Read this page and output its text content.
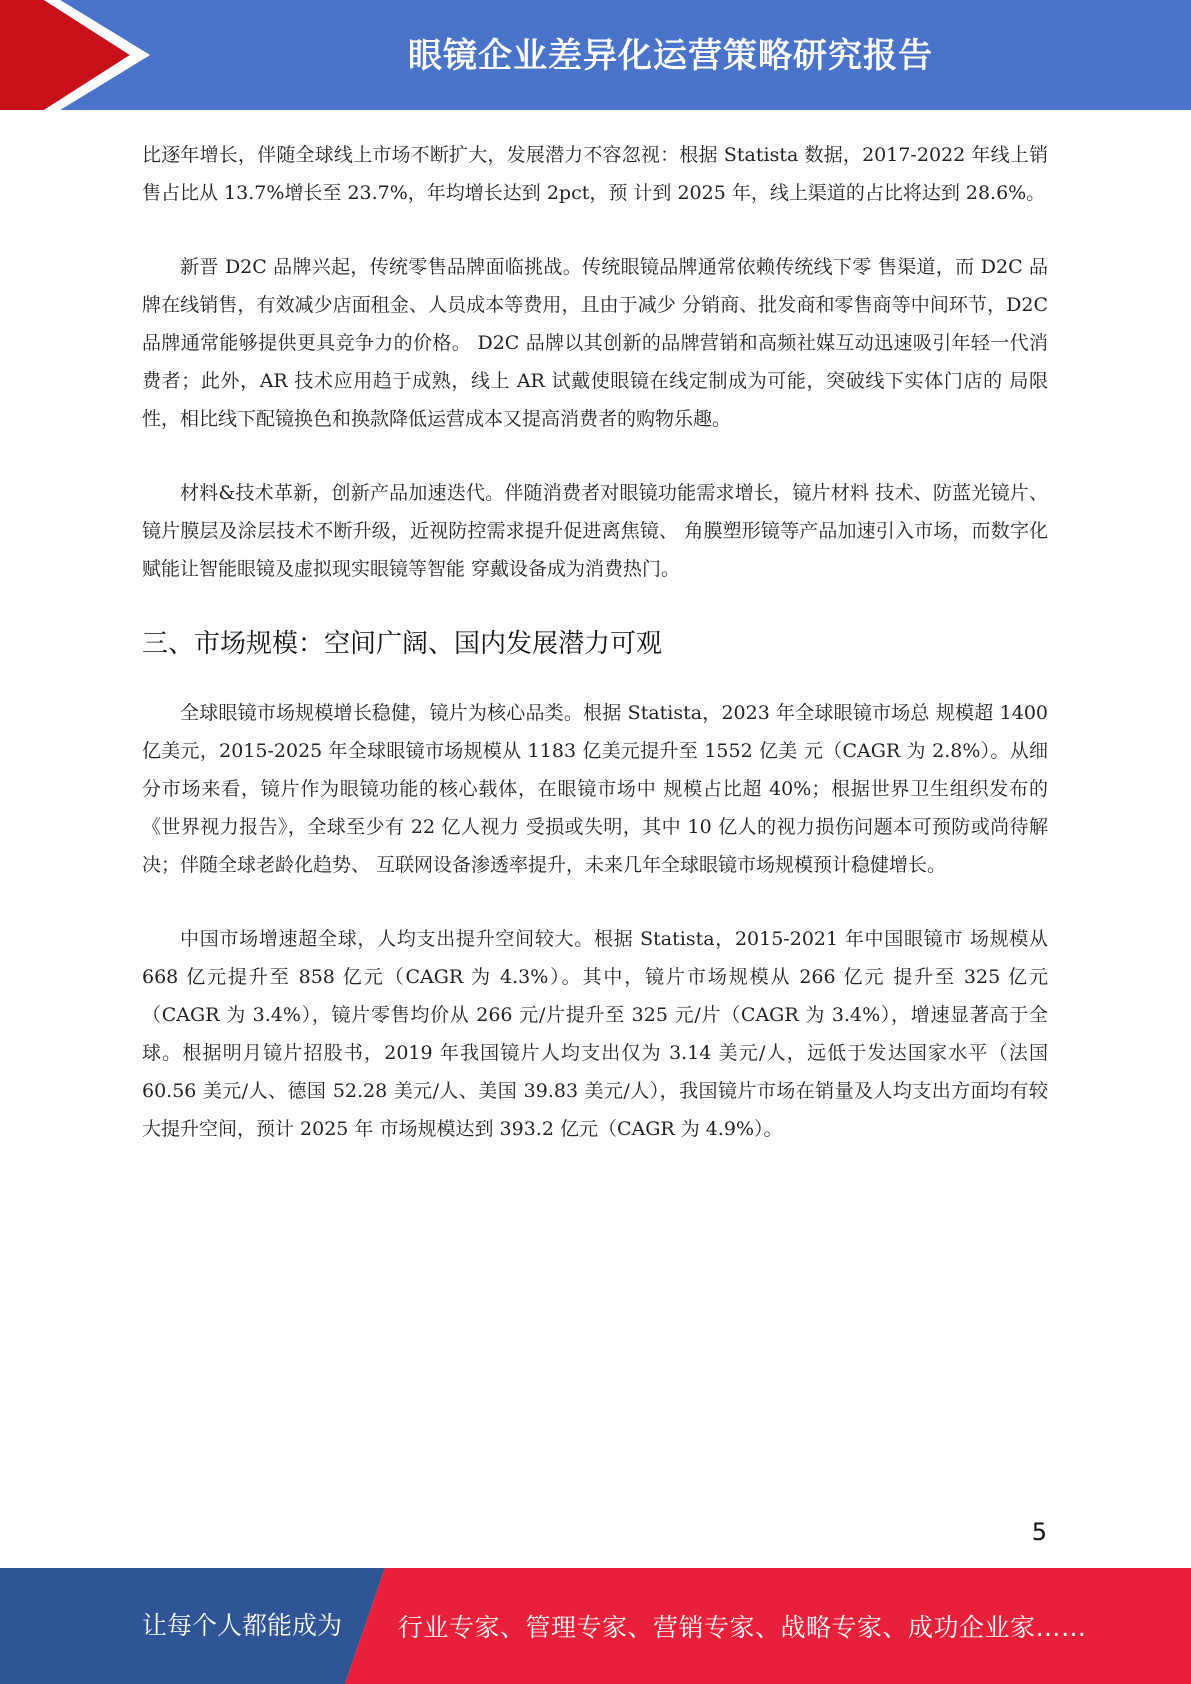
眼镜企业差异化运营策略研究报告

比逐年增长，伴随全球线上市场不断扩大，发展潜力不容忽视：根据 Statista 数据，2017-2022 年线上销售占比从 13.7%增长至 23.7%，年均增长达到 2pct，预 计到 2025 年，线上渠道的占比将达到 28.6%。

新晋 D2C 品牌兴起，传统零售品牌面临挑战。传统眼镜品牌通常依赖传统线下零 售渠道，而 D2C 品牌在线销售，有效减少店面租金、人员成本等费用，且由于减少 分销商、批发商和零售商等中间环节，D2C 品牌通常能够提供更具竞争力的价格。 D2C 品牌以其创新的品牌营销和高频社媒互动迅速吸引年轻一代消费者；此外，AR 技术应用趋于成熟，线上 AR 试戴使眼镜在线定制成为可能，突破线下实体门店的 局限性，相比线下配镜换色和换款降低运营成本又提高消费者的购物乐趣。

材料&技术革新，创新产品加速迭代。伴随消费者对眼镜功能需求增长，镜片材料 技术、防蓝光镜片、镜片膜层及涂层技术不断升级，近视防控需求提升促进离焦镜、 角膜塑形镜等产品加速引入市场，而数字化赋能让智能眼镜及虚拟现实眼镜等智能 穿戴设备成为消费热门。

三、市场规模：空间广阔、国内发展潜力可观

全球眼镜市场规模增长稳健，镜片为核心品类。根据 Statista，2023 年全球眼镜市场总 规模超 1400 亿美元，2015-2025 年全球眼镜市场规模从 1183 亿美元提升至 1552 亿美 元（CAGR 为 2.8%）。从细分市场来看，镜片作为眼镜功能的核心载体，在眼镜市场中 规模占比超 40%；根据世界卫生组织发布的《世界视力报告》，全球至少有 22 亿人视力 受损或失明，其中 10 亿人的视力损伤问题本可预防或尚待解决；伴随全球老龄化趋势、 互联网设备渗透率提升，未来几年全球眼镜市场规模预计稳健增长。

中国市场增速超全球，人均支出提升空间较大。根据 Statista，2015-2021 年中国眼镜市 场规模从 668 亿元提升至 858 亿元（CAGR 为 4.3%）。其中，镜片市场规模从 266 亿元 提升至 325 亿元（CAGR 为 3.4%），镜片零售均价从 266 元/片提升至 325 元/片（CAGR 为 3.4%），增速显著高于全球。根据明月镜片招股书，2019 年我国镜片人均支出仅为 3.14 美元/人，远低于发达国家水平（法国 60.56 美元/人、德国 52.28 美元/人、美国 39.83 美元/人），我国镜片市场在销量及人均支出方面均有较大提升空间，预计 2025 年 市场规模达到 393.2 亿元（CAGR 为 4.9%）。

5
让每个人都能成为 行业专家、管理专家、营销专家、战略专家、成功企业家……
